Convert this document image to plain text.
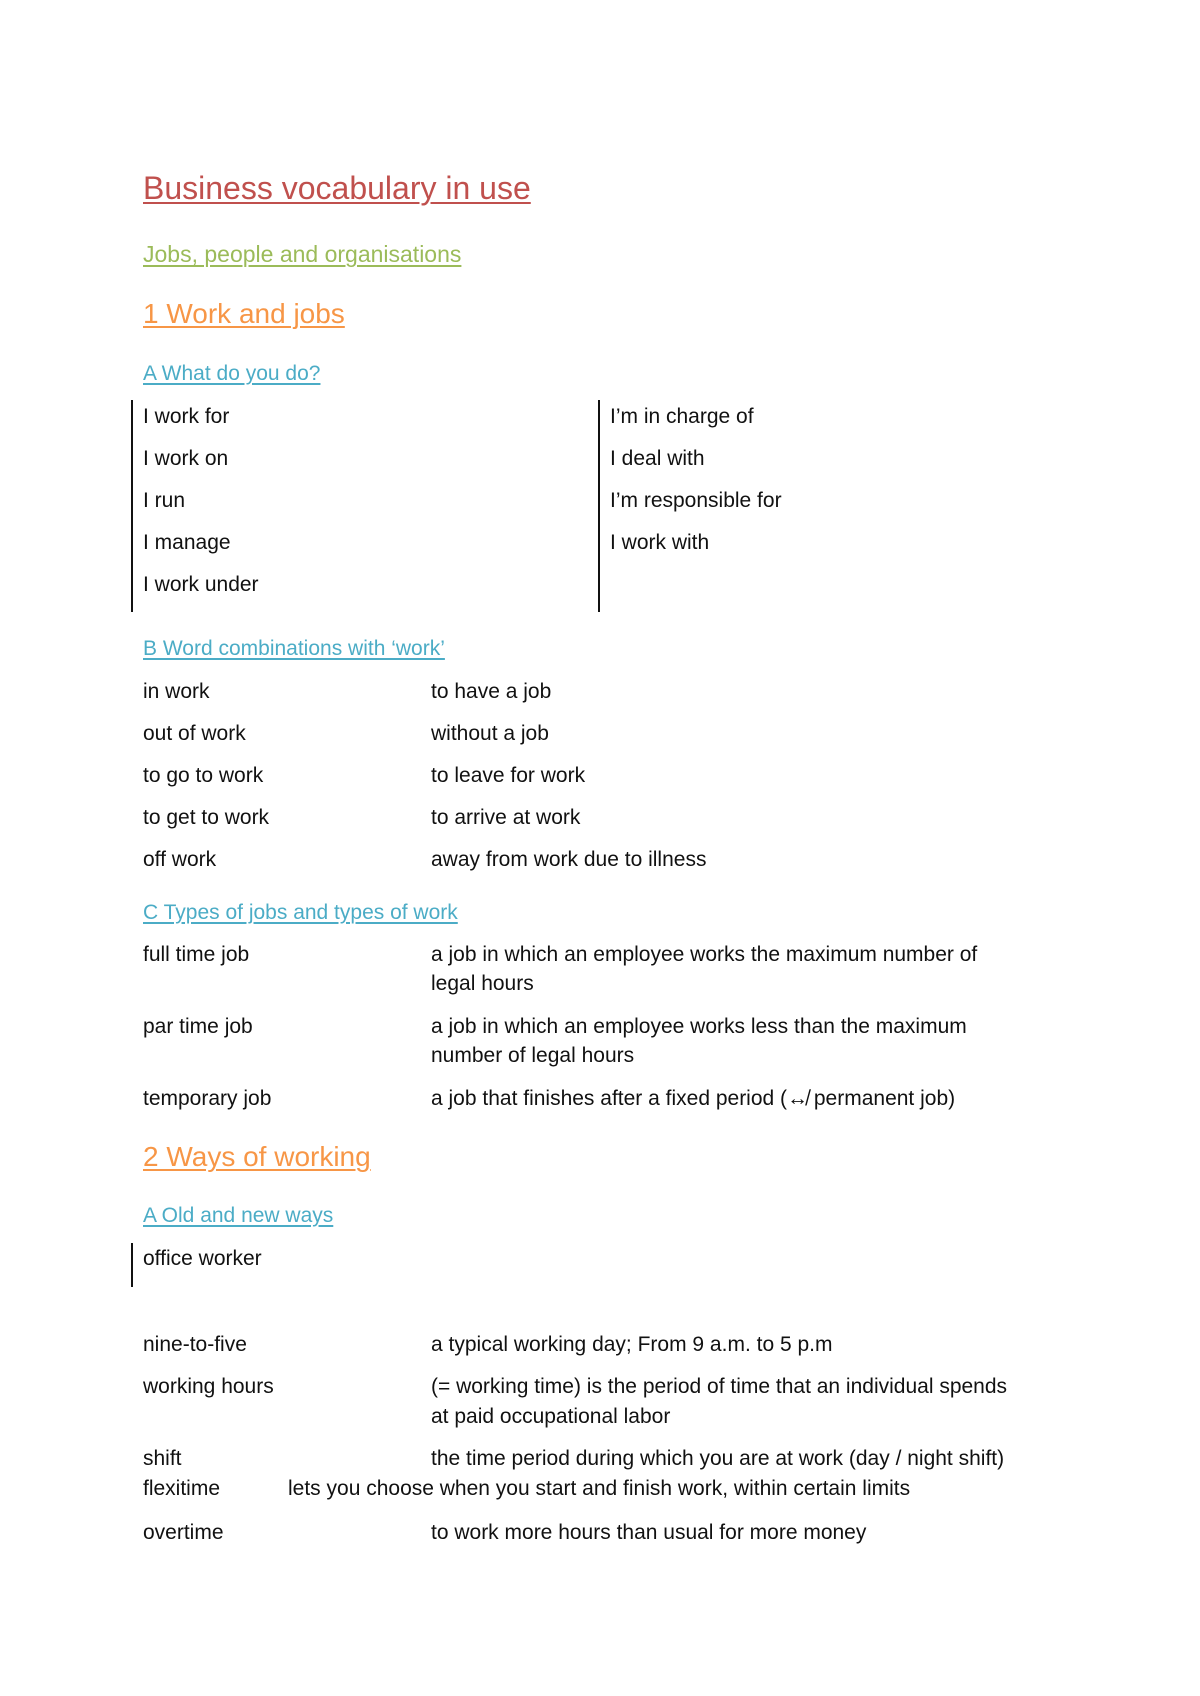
Business vocabulary in use
Jobs, people and organisations
1 Work and jobs
A What do you do?
I work for
I work on
I run
I manage
I work under
I’m in charge of
I deal with
I’m responsible for
I work with
B Word combinations with ‘work’
in work	to have a job
out of work	without a job
to go to work	to leave for work
to get to work	to arrive at work
off work	away from work due to illness
C Types of jobs and types of work
full time job	a job in which an employee works the maximum number of
legal hours
par time job	a job in which an employee works less than the maximum
number of legal hours
temporary job	a job that finishes after a fixed period (↮ permanent job)
2 Ways of working
A Old and new ways
office worker
nine-to-five	a typical working day; From 9 a.m. to 5 p.m
working hours	(= working time) is the period of time that an individual spends
at paid occupational labor
shift	the time period during which you are at work (day / night shift)
flexitime	lets you choose when you start and finish work, within certain limits
overtime	to work more hours than usual for more money
